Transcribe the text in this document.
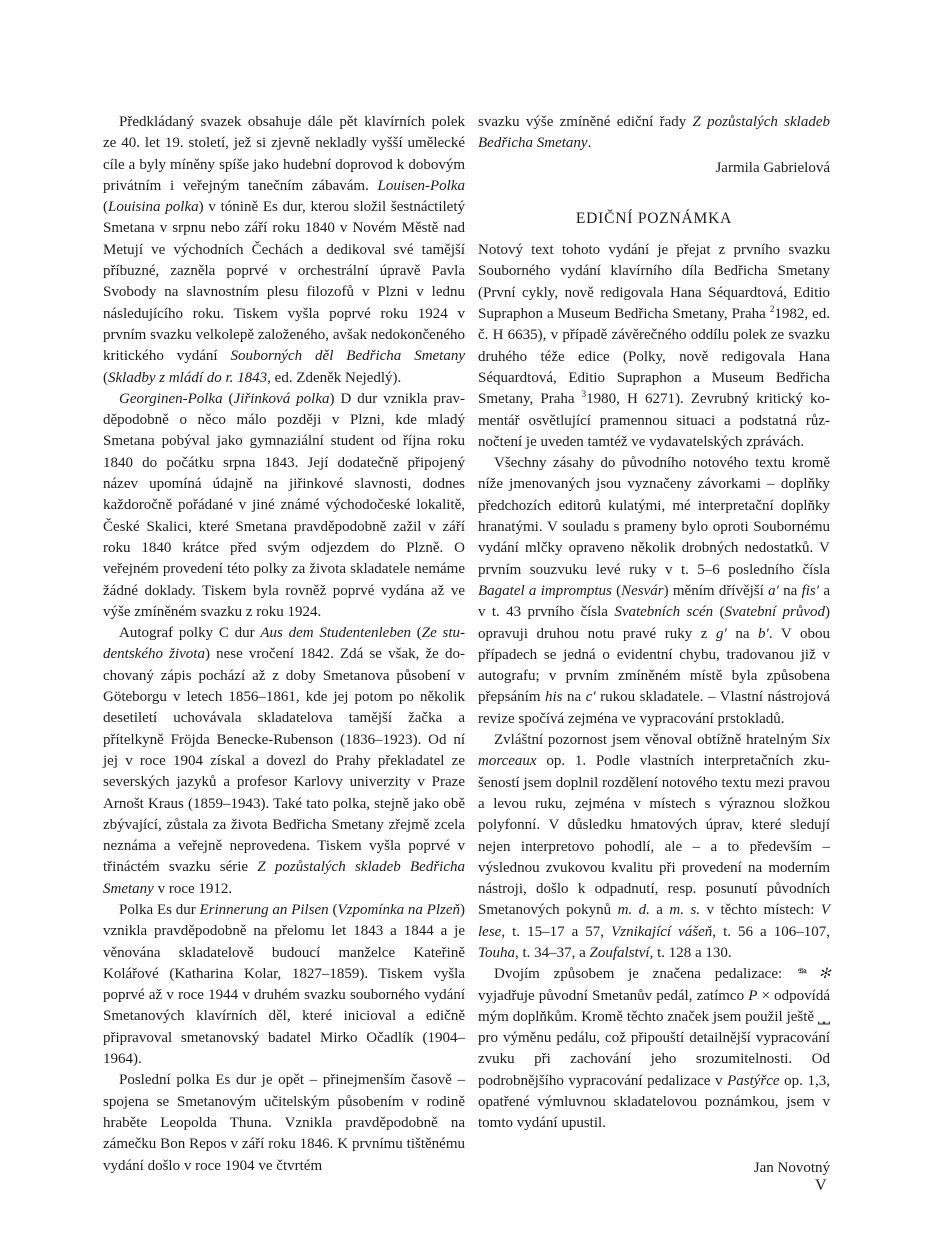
Předkládaný svazek obsahuje dále pět klavírních polek ze 40. let 19. století, jež si zjevně nekladly vyšší umělecké cíle a byly míněny spíše jako hudební doprovod k dobovým privátním i veřejným tanečním zábavám. Louisen-Polka (Louisina polka) v tónině Es dur, kterou složil šestnáctiletý Smetana v srpnu nebo září roku 1840 v Novém Městě nad Metují ve východních Čechách a dedikoval své tamější příbuzné, zazněla poprvé v orchestrální úpravě Pavla Svobody na slavnostním plesu filozofů v Plzni v lednu následujícího roku. Tiskem vyšla poprvé roku 1924 v prvním svazku velkolepě založeného, avšak nedokončeného kritického vydání Souborných děl Bedřicha Smetany (Skladby z mládí do r. 1843, ed. Zdeněk Nejedlý).

Georginen-Polka (Jiřinková polka) D dur vznikla pravděpodobně o něco málo později v Plzni, kde mladý Smetana pobýval jako gymnaziální student od října roku 1840 do počátku srpna 1843. Její dodatečně připojený název upomíná údajně na jiřinkové slavnosti, dodnes každoročně pořádané v jiné známé východočeské lokalitě, České Skalici, které Smetana pravděpodobně zažil v září roku 1840 krátce před svým odjezdem do Plzně. O veřejném provedení této polky za života skladatele nemáme žádné doklady. Tiskem byla rovněž poprvé vydána až ve výše zmíněném svazku z roku 1924.

Autograf polky C dur Aus dem Studentenleben (Ze studentského života) nese vročení 1842. Zdá se však, že dochovaný zápis pochází až z doby Smetanova působení v Göteborgu v letech 1856–1861, kde jej potom po několik desetiletí uchovávala skladatelova tamější žačka a přítelkyně Fröjda Benecke-Rubenson (1836–1923). Od ní jej v roce 1904 získal a dovezl do Prahy překladatel ze severských jazyků a profesor Karlovy univerzity v Praze Arnošt Kraus (1859–1943). Také tato polka, stejně jako obě zbývající, zůstala za života Bedřicha Smetany zřejmě zcela neznáma a veřejně neprovedena. Tiskem vyšla poprvé v třináctém svazku série Z pozůstalých skladeb Bedřicha Smetany v roce 1912.

Polka Es dur Erinnerung an Pilsen (Vzpomínka na Plzeň) vznikla pravděpodobně na přelomu let 1843 a 1844 a je věnována skladatelově budoucí manželce Kateřině Kolářové (Katharina Kolar, 1827–1859). Tiskem vyšla poprvé až v roce 1944 v druhém svazku souborného vydání Smetanových klavírních děl, které inicioval a edičně připravoval smetanovský badatel Mirko Očadlík (1904–1964).

Poslední polka Es dur je opět – přinejmenším časově – spojena se Smetanovým učitelským působením v rodině hraběte Leopolda Thuna. Vznikla pravděpodobně na zámečku Bon Repos v září roku 1846. K prvnímu tištěnému vydání došlo v roce 1904 ve čtvrtém

svazku výše zmíněné ediční řady Z pozůstalých skladeb Bedřicha Smetany.

Jarmila Gabrielová

EDIČNÍ POZNÁMKA

Notový text tohoto vydání je přejat z prvního svazku Souborného vydání klavírního díla Bedřicha Smetany (První cykly, nově redigovala Hana Séquardtová, Editio Supraphon a Museum Bedřicha Smetany, Praha $^2$1982, ed. č. H 6635), v případě závěrečného oddílu polek ze svazku druhého téže edice (Polky, nově redigovala Hana Séquardtová, Editio Supraphon a Museum Bedřicha Smetany, Praha $^3$1980, H 6271). Zevrubný kritický komentář osvětlující pramennou situaci a podstatná různočtení je uveden tamtéž ve vydavatelských zprávách.

Všechny zásahy do původního notového textu kromě níže jmenovaných jsou vyznačeny závorkami – doplňky předchozích editorů kulatými, mé interpretační doplňky hranatými. V souladu s prameny bylo oproti Soubornému vydání mlčky opraveno několik drobných nedostatků. V prvním souzvuku levé ruky v t. 5–6 posledního čísla Bagatel a impromptus (Nesvár) měním dřívější a′ na fis′ a v t. 43 prvního čísla Svatebních scén (Svatební průvod) opravuji druhou notu pravé ruky z g′ na b′. V obou případech se jedná o evidentní chybu, tradovanou již v autografu; v prvním zmíněném místě byla způsobena přepsáním his na c′ rukou skladatele. – Vlastní nástrojová revize spočívá zejména ve vypracování prstokladů.

Zvláštní pozornost jsem věnoval obtížně hratelným Six morceaux op. 1. Podle vlastních interpretačních zkušeností jsem doplnil rozdělení notového textu mezi pravou a levou ruku, zejména v místech s výraznou složkou polyfonní. V důsledku hmatových úprav, které sledují nejen interpretovo pohodlí, ale – a to především – výslednou zvukovou kvalitu při provedení na moderním nástroji, došlo k odpadnutí, resp. posunutí původních Smetanových pokynů m. d. a m. s. v těchto místech: V lese, t. 15–17 a 57, Vznikající vášeň, t. 56 a 106–107, Touha, t. 34–37, a Zoufalství, t. 128 a 130.

Dvojím způsobem je značena pedalizace: 𝆮 ✻ vyjadřuje původní Smetanův pedál, zatímco P × odpovídá mým doplňkům. Kromě těchto značek jsem použil ještě ⎵⎵ pro výměnu pedálu, což připouští detailnější vypracování zvuku při zachování jeho srozumitelnosti. Od podrobnějšího vypracování pedalizace v Pastýřce op. 1,3, opatřené výmluvnou skladatelovou poznámkou, jsem v tomto vydání upustil.

Jan Novotný

V
